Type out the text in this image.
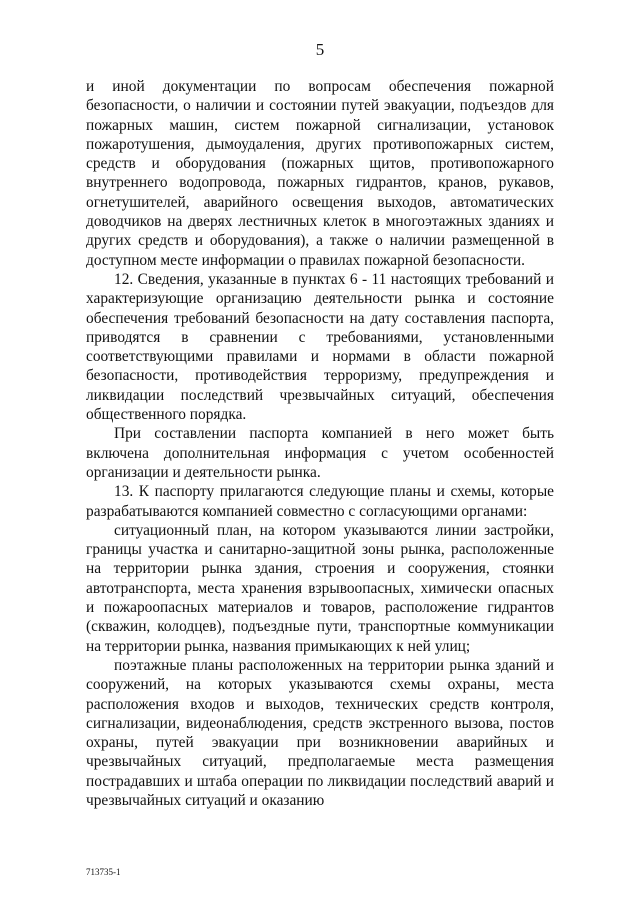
5

и иной документации по вопросам обеспечения пожарной безопасности, о наличии и состоянии путей эвакуации, подъездов для пожарных машин, систем пожарной сигнализации, установок пожаротушения, дымоудаления, других противопожарных систем, средств и оборудования (пожарных щитов, противопожарного внутреннего водопровода, пожарных гидрантов, кранов, рукавов, огнетушителей, аварийного освещения выходов, автоматических доводчиков на дверях лестничных клеток в многоэтажных зданиях и других средств и оборудования), а также о наличии размещенной в доступном месте информации о правилах пожарной безопасности.

12. Сведения, указанные в пунктах 6 - 11 настоящих требований и характеризующие организацию деятельности рынка и состояние обеспечения требований безопасности на дату составления паспорта, приводятся в сравнении с требованиями, установленными соответствующими правилами и нормами в области пожарной безопасности, противодействия терроризму, предупреждения и ликвидации последствий чрезвычайных ситуаций, обеспечения общественного порядка.

При составлении паспорта компанией в него может быть включена дополнительная информация с учетом особенностей организации и деятельности рынка.

13. К паспорту прилагаются следующие планы и схемы, которые разрабатываются компанией совместно с согласующими органами:

ситуационный план, на котором указываются линии застройки, границы участка и санитарно-защитной зоны рынка, расположенные на территории рынка здания, строения и сооружения, стоянки автотранспорта, места хранения взрывоопасных, химически опасных и пожароопасных материалов и товаров, расположение гидрантов (скважин, колодцев), подъездные пути, транспортные коммуникации на территории рынка, названия примыкающих к ней улиц;

поэтажные планы расположенных на территории рынка зданий и сооружений, на которых указываются схемы охраны, места расположения входов и выходов, технических средств контроля, сигнализации, видеонаблюдения, средств экстренного вызова, постов охраны, путей эвакуации при возникновении аварийных и чрезвычайных ситуаций, предполагаемые места размещения пострадавших и штаба операции по ликвидации последствий аварий и чрезвычайных ситуаций и оказанию

713735-1
